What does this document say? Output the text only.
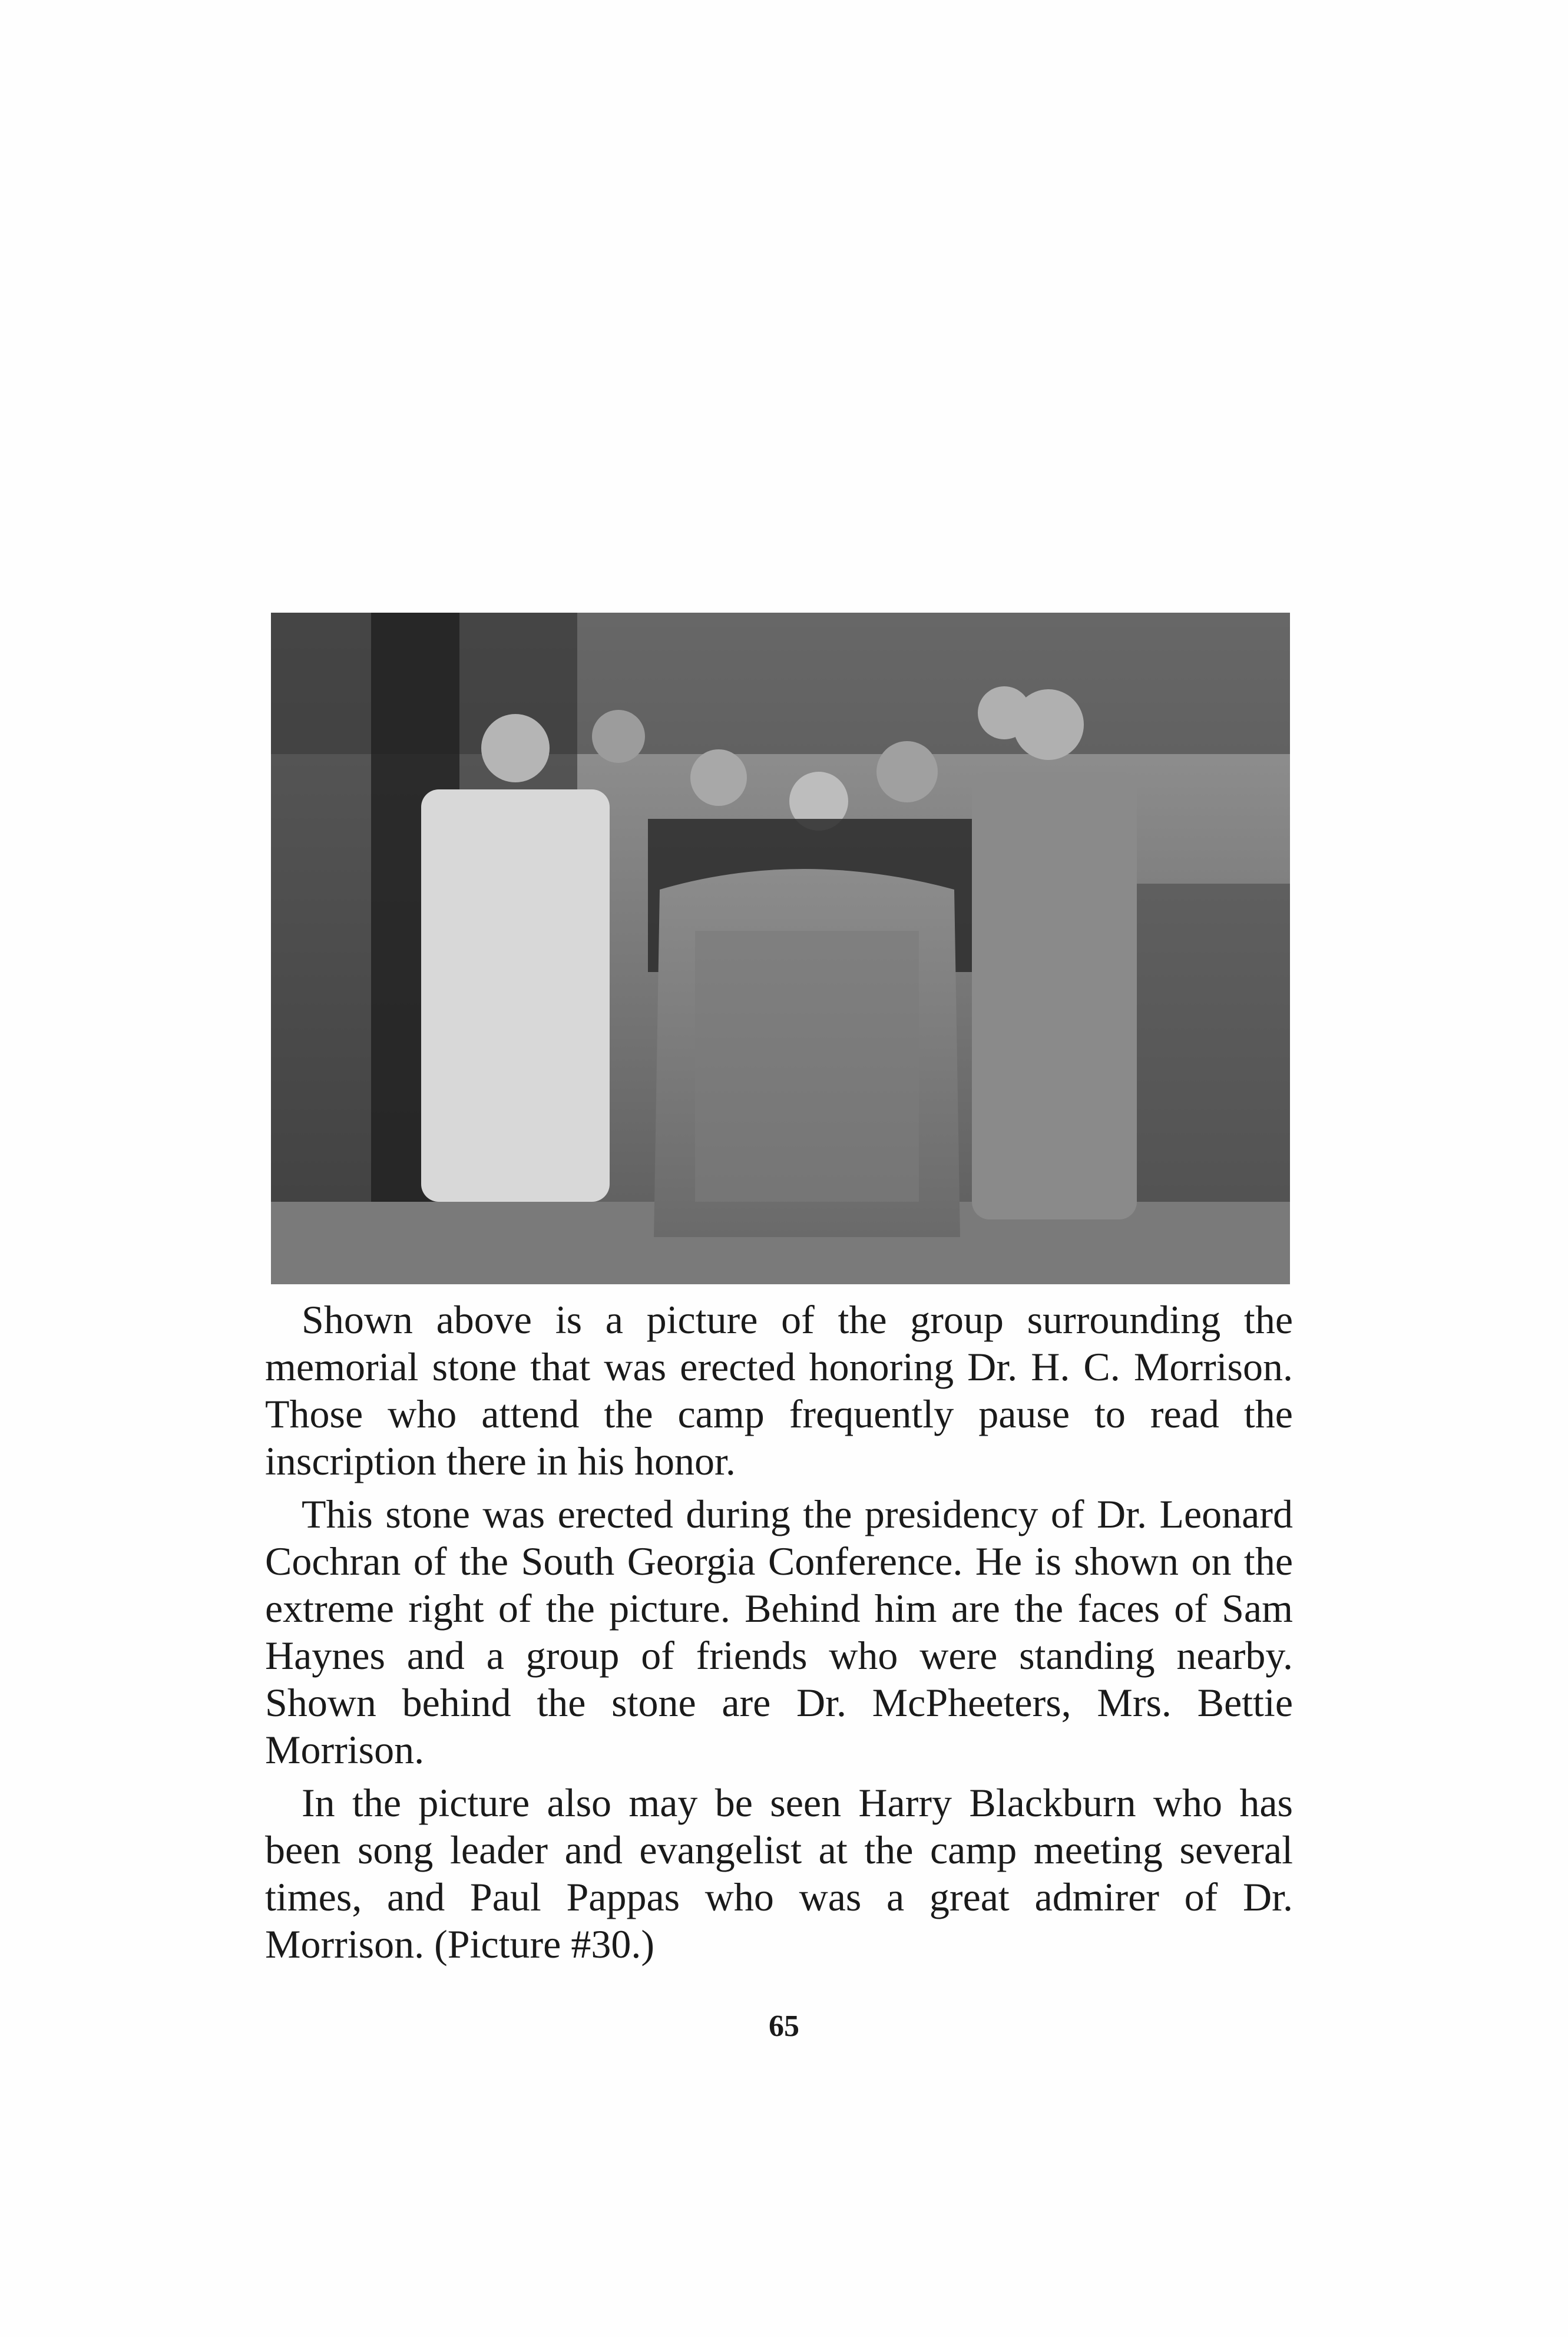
Shown above is a picture of the group surrounding the memorial stone that was erected honoring Dr. H. C. Morrison. Those who attend the camp frequently pause to read the inscription there in his honor.

This stone was erected during the presidency of Dr. Leonard Cochran of the South Georgia Conference. He is shown on the extreme right of the picture. Behind him are the faces of Sam Haynes and a group of friends who were standing nearby. Shown behind the stone are Dr. McPheeters, Mrs. Bettie Morrison.

In the picture also may be seen Harry Blackburn who has been song leader and evangelist at the camp meeting several times, and Paul Pappas who was a great admirer of Dr. Morrison. (Picture #30.)

65
